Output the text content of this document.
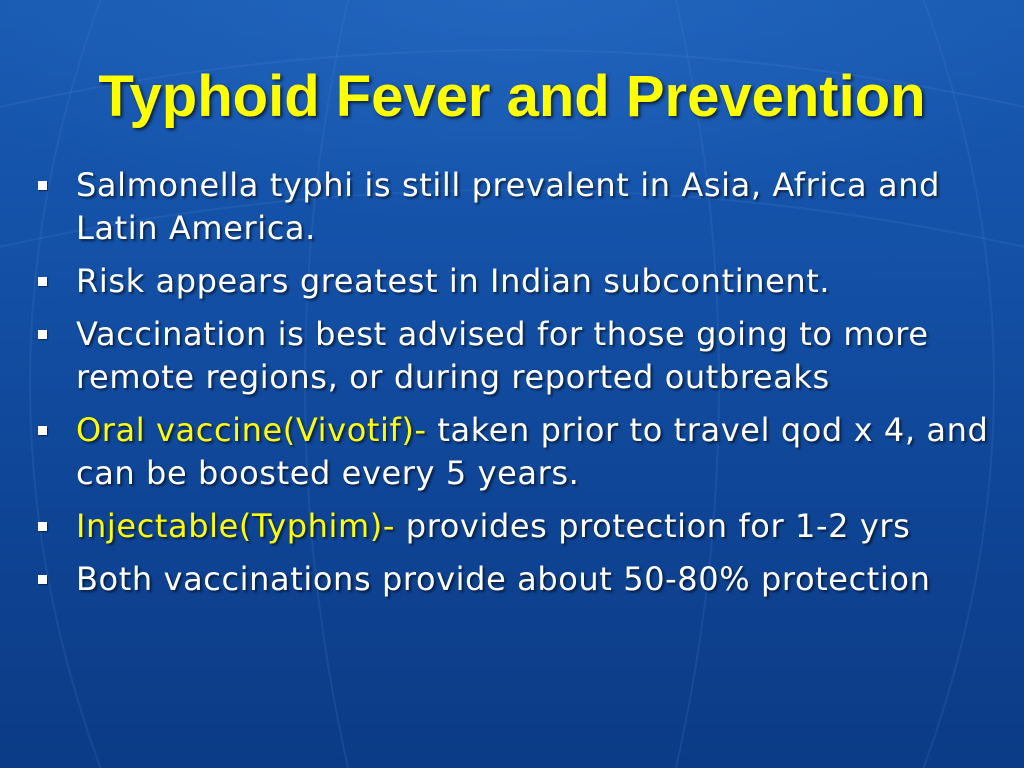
Typhoid Fever and Prevention
Salmonella typhi is still prevalent in Asia, Africa and Latin America.
Risk appears greatest in Indian subcontinent.
Vaccination is best advised for those going to more remote regions, or during reported outbreaks
Oral vaccine(Vivotif)- taken prior to travel qod x 4, and can be boosted every 5 years.
Injectable(Typhim)- provides protection for 1-2 yrs
Both vaccinations provide about 50-80% protection
